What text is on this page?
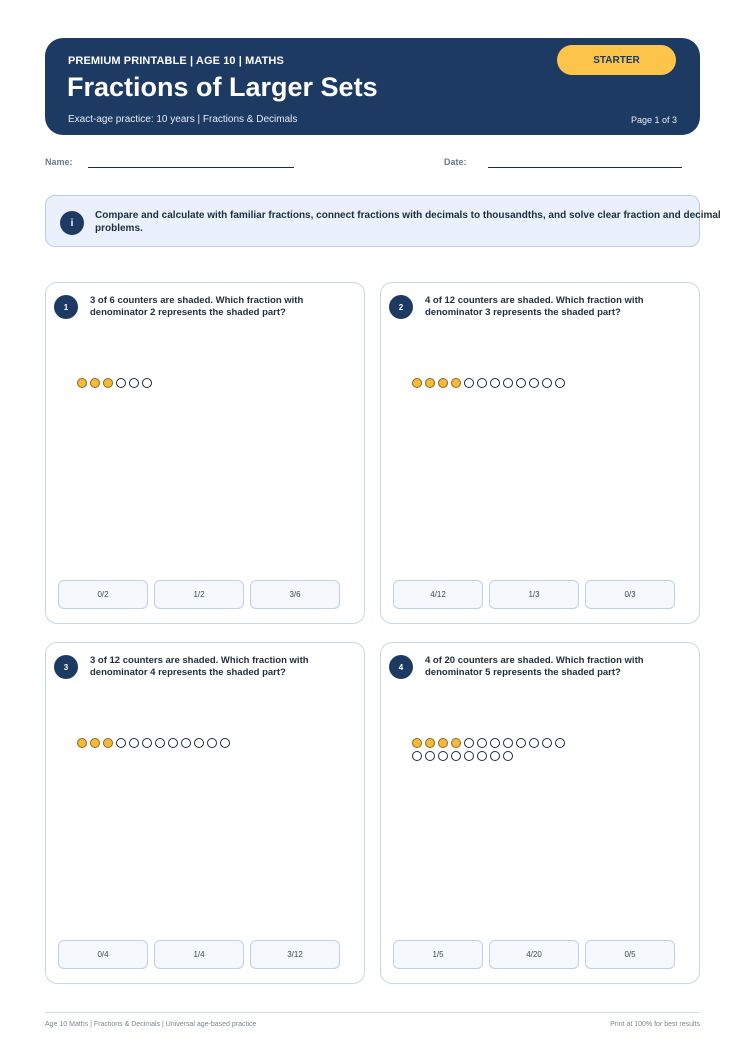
PREMIUM PRINTABLE | AGE 10 | MATHS
Fractions of Larger Sets
Exact-age practice: 10 years | Fractions & Decimals	Page 1 of 3
STARTER
Name:	Date:
i
Compare and calculate with familiar fractions, connect fractions with decimals to thousandths, and solve clear fraction and decimal problems.
1
3 of 6 counters are shaded. Which fraction with denominator 2 represents the shaded part?
0/2	1/2	3/6
2
4 of 12 counters are shaded. Which fraction with denominator 3 represents the shaded part?
4/12	1/3	0/3
3
3 of 12 counters are shaded. Which fraction with denominator 4 represents the shaded part?
0/4	1/4	3/12
4
4 of 20 counters are shaded. Which fraction with denominator 5 represents the shaded part?
1/5	4/20	0/5
Age 10 Maths | Fractions & Decimals | Universal age-based practice	Print at 100% for best results
